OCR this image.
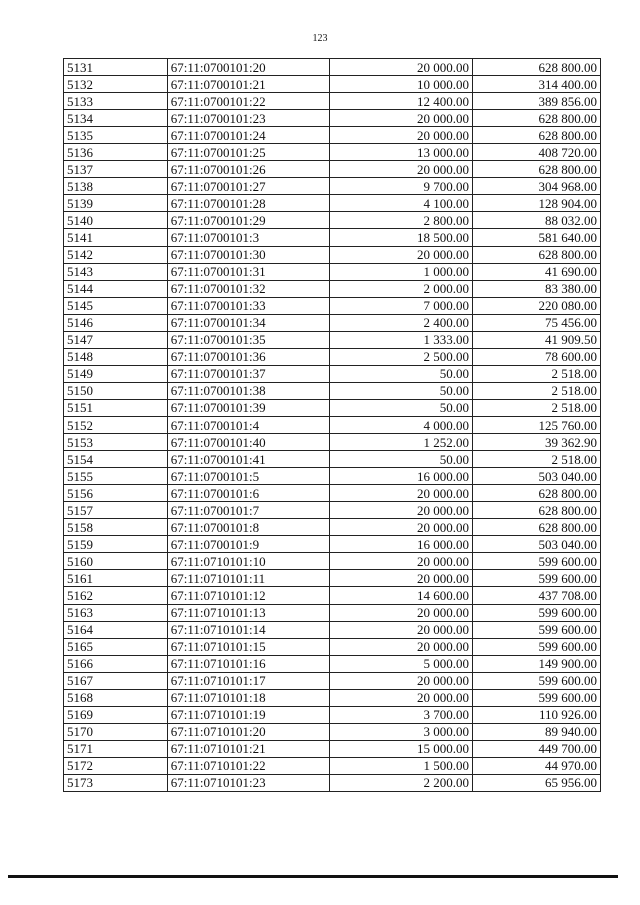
123
5131	67:11:0700101:20	20 000.00	628 800.00
5132	67:11:0700101:21	10 000.00	314 400.00
5133	67:11:0700101:22	12 400.00	389 856.00
5134	67:11:0700101:23	20 000.00	628 800.00
5135	67:11:0700101:24	20 000.00	628 800.00
5136	67:11:0700101:25	13 000.00	408 720.00
5137	67:11:0700101:26	20 000.00	628 800.00
5138	67:11:0700101:27	9 700.00	304 968.00
5139	67:11:0700101:28	4 100.00	128 904.00
5140	67:11:0700101:29	2 800.00	88 032.00
5141	67:11:0700101:3	18 500.00	581 640.00
5142	67:11:0700101:30	20 000.00	628 800.00
5143	67:11:0700101:31	1 000.00	41 690.00
5144	67:11:0700101:32	2 000.00	83 380.00
5145	67:11:0700101:33	7 000.00	220 080.00
5146	67:11:0700101:34	2 400.00	75 456.00
5147	67:11:0700101:35	1 333.00	41 909.50
5148	67:11:0700101:36	2 500.00	78 600.00
5149	67:11:0700101:37	50.00	2 518.00
5150	67:11:0700101:38	50.00	2 518.00
5151	67:11:0700101:39	50.00	2 518.00
5152	67:11:0700101:4	4 000.00	125 760.00
5153	67:11:0700101:40	1 252.00	39 362.90
5154	67:11:0700101:41	50.00	2 518.00
5155	67:11:0700101:5	16 000.00	503 040.00
5156	67:11:0700101:6	20 000.00	628 800.00
5157	67:11:0700101:7	20 000.00	628 800.00
5158	67:11:0700101:8	20 000.00	628 800.00
5159	67:11:0700101:9	16 000.00	503 040.00
5160	67:11:0710101:10	20 000.00	599 600.00
5161	67:11:0710101:11	20 000.00	599 600.00
5162	67:11:0710101:12	14 600.00	437 708.00
5163	67:11:0710101:13	20 000.00	599 600.00
5164	67:11:0710101:14	20 000.00	599 600.00
5165	67:11:0710101:15	20 000.00	599 600.00
5166	67:11:0710101:16	5 000.00	149 900.00
5167	67:11:0710101:17	20 000.00	599 600.00
5168	67:11:0710101:18	20 000.00	599 600.00
5169	67:11:0710101:19	3 700.00	110 926.00
5170	67:11:0710101:20	3 000.00	89 940.00
5171	67:11:0710101:21	15 000.00	449 700.00
5172	67:11:0710101:22	1 500.00	44 970.00
5173	67:11:0710101:23	2 200.00	65 956.00
